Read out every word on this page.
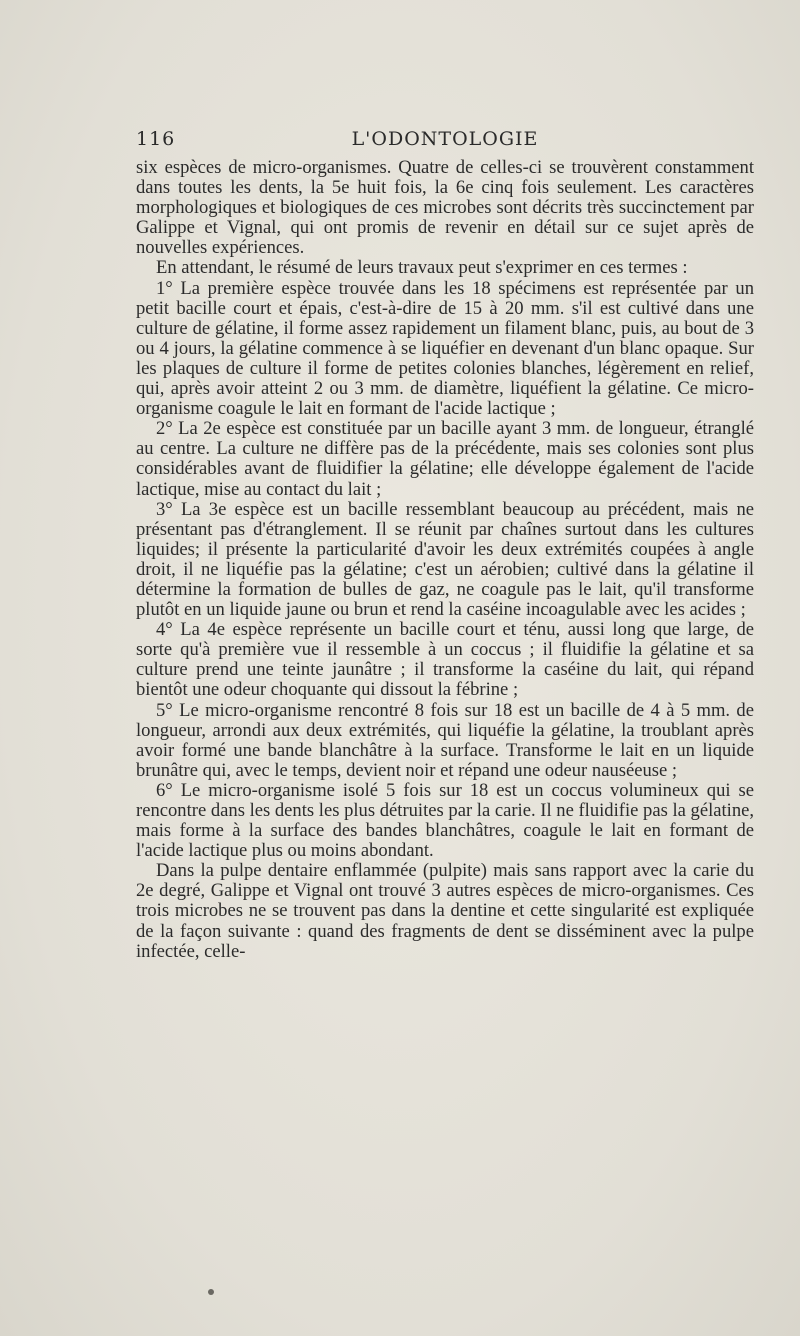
116	L'ODONTOLOGIE

six espèces de micro-organismes. Quatre de celles-ci se trouvèrent constamment dans toutes les dents, la 5e huit fois, la 6e cinq fois seulement. Les caractères morphologiques et biologiques de ces microbes sont décrits très succinctement par Galippe et Vignal, qui ont promis de revenir en détail sur ce sujet après de nouvelles expériences.

En attendant, le résumé de leurs travaux peut s'exprimer en ces termes :

1° La première espèce trouvée dans les 18 spécimens est représentée par un petit bacille court et épais, c'est-à-dire de 15 à 20 mm. s'il est cultivé dans une culture de gélatine, il forme assez rapidement un filament blanc, puis, au bout de 3 ou 4 jours, la gélatine commence à se liquéfier en devenant d'un blanc opaque. Sur les plaques de culture il forme de petites colonies blanches, légèrement en relief, qui, après avoir atteint 2 ou 3 mm. de diamètre, liquéfient la gélatine. Ce micro-organisme coagule le lait en formant de l'acide lactique ;

2° La 2e espèce est constituée par un bacille ayant 3 mm. de longueur, étranglé au centre. La culture ne diffère pas de la précédente, mais ses colonies sont plus considérables avant de fluidifier la gélatine; elle développe également de l'acide lactique, mise au contact du lait ;

3° La 3e espèce est un bacille ressemblant beaucoup au précédent, mais ne présentant pas d'étranglement. Il se réunit par chaînes surtout dans les cultures liquides; il présente la particularité d'avoir les deux extrémités coupées à angle droit, il ne liquéfie pas la gélatine; c'est un aérobien; cultivé dans la gélatine il détermine la formation de bulles de gaz, ne coagule pas le lait, qu'il transforme plutôt en un liquide jaune ou brun et rend la caséine incoagulable avec les acides ;

4° La 4e espèce représente un bacille court et ténu, aussi long que large, de sorte qu'à première vue il ressemble à un coccus ; il fluidifie la gélatine et sa culture prend une teinte jaunâtre ; il transforme la caséine du lait, qui répand bientôt une odeur choquante qui dissout la fébrine ;

5° Le micro-organisme rencontré 8 fois sur 18 est un bacille de 4 à 5 mm. de longueur, arrondi aux deux extrémités, qui liquéfie la gélatine, la troublant après avoir formé une bande blanchâtre à la surface. Transforme le lait en un liquide brunâtre qui, avec le temps, devient noir et répand une odeur nauséeuse ;

6° Le micro-organisme isolé 5 fois sur 18 est un coccus volumineux qui se rencontre dans les dents les plus détruites par la carie. Il ne fluidifie pas la gélatine, mais forme à la surface des bandes blanchâtres, coagule le lait en formant de l'acide lactique plus ou moins abondant.

Dans la pulpe dentaire enflammée (pulpite) mais sans rapport avec la carie du 2e degré, Galippe et Vignal ont trouvé 3 autres espèces de micro-organismes. Ces trois microbes ne se trouvent pas dans la dentine et cette singularité est expliquée de la façon suivante : quand des fragments de dent se disséminent avec la pulpe infectée, celle-
